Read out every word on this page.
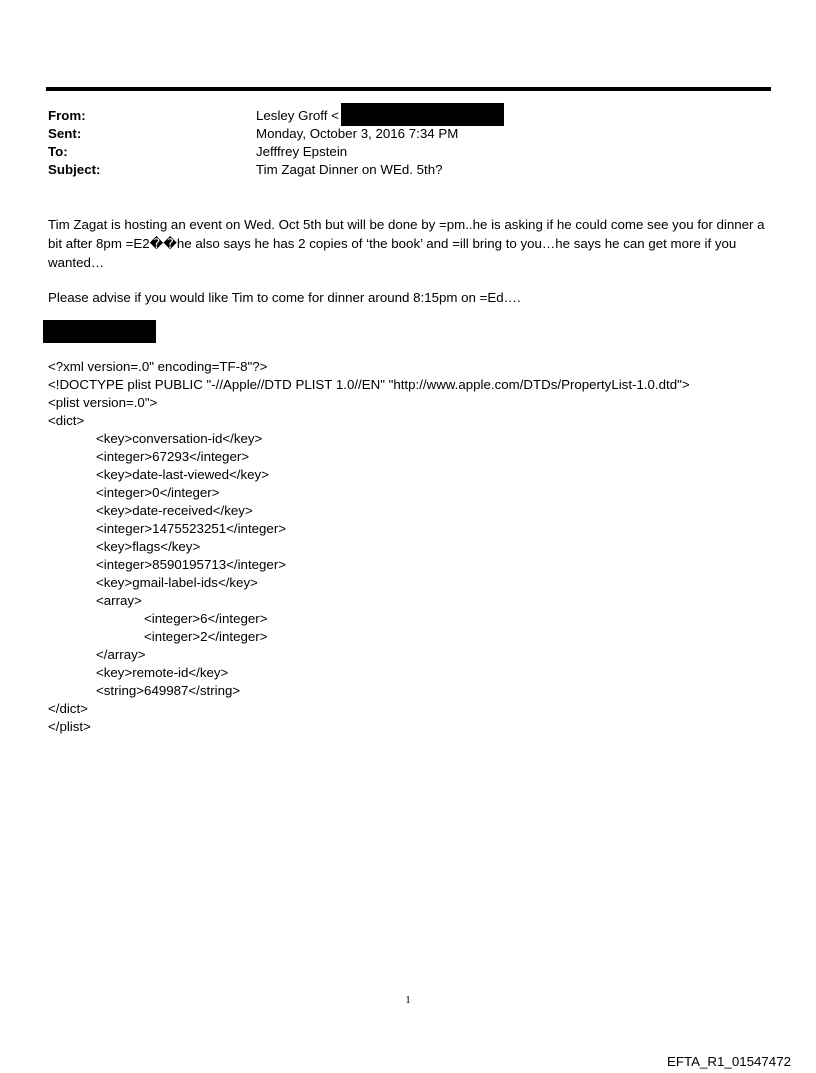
From:	Lesley Groff <
Sent:	Monday, October 3, 2016 7:34 PM
To:	Jefffrey Epstein
Subject:	Tim Zagat Dinner on WEd. 5th?

Tim Zagat is hosting an event on Wed. Oct 5th but will be done by =pm..he is asking if he could come see you for dinner a bit after 8pm =E2��he also says he has 2 copies of ‘the book’ and =ill bring to you…he says he can get more if you wanted…

Please advise if you would like Tim to come for dinner around 8:15pm on =Ed….

<?xml version=.0" encoding=TF-8"?>
<!DOCTYPE plist PUBLIC "-//Apple//DTD PLIST 1.0//EN" "http://www.apple.com/DTDs/PropertyList-1.0.dtd">
<plist version=.0">
<dict>
<key>conversation-id</key>
<integer>67293</integer>
<key>date-last-viewed</key>
<integer>0</integer>
<key>date-received</key>
<integer>1475523251</integer>
<key>flags</key>
<integer>8590195713</integer>
<key>gmail-label-ids</key>
<array>
<integer>6</integer>
<integer>2</integer>
</array>
<key>remote-id</key>
<string>649987</string>
</dict>
</plist>
1
EFTA_R1_01547472
